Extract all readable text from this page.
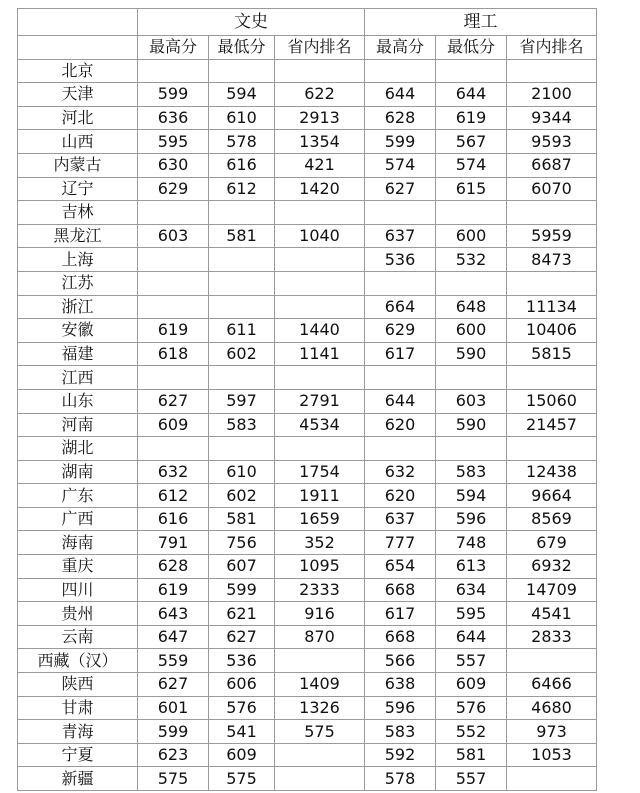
	文史			理工		
	最高分	最低分	省内排名	最高分	最低分	省内排名
北京						
天津	599	594	622	644	644	2100
河北	636	610	2913	628	619	9344
山西	595	578	1354	599	567	9593
内蒙古	630	616	421	574	574	6687
辽宁	629	612	1420	627	615	6070
吉林						
黑龙江	603	581	1040	637	600	5959
上海				536	532	8473
江苏						
浙江				664	648	11134
安徽	619	611	1440	629	600	10406
福建	618	602	1141	617	590	5815
江西						
山东	627	597	2791	644	603	15060
河南	609	583	4534	620	590	21457
湖北						
湖南	632	610	1754	632	583	12438
广东	612	602	1911	620	594	9664
广西	616	581	1659	637	596	8569
海南	791	756	352	777	748	679
重庆	628	607	1095	654	613	6932
四川	619	599	2333	668	634	14709
贵州	643	621	916	617	595	4541
云南	647	627	870	668	644	2833
西藏（汉）	559	536		566	557	
陕西	627	606	1409	638	609	6466
甘肃	601	576	1326	596	576	4680
青海	599	541	575	583	552	973
宁夏	623	609		592	581	1053
新疆	575	575		578	557	
